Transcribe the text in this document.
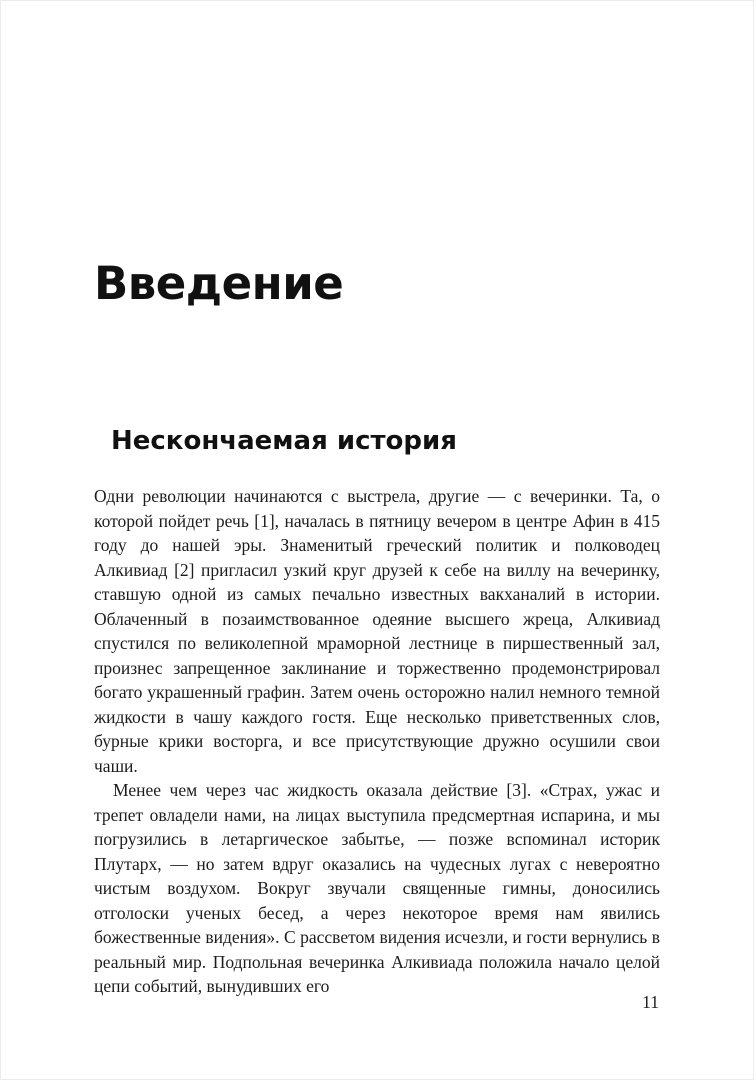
Введение
Нескончаемая история

Одни революции начинаются с выстрела, другие — с вечеринки. Та, о которой пойдет речь [1], началась в пятницу вечером в центре Афин в 415 году до нашей эры. Знаменитый греческий политик и полководец Алкивиад [2] пригласил узкий круг друзей к себе на виллу на вечеринку, ставшую одной из самых печально известных вакханалий в истории. Облаченный в позаимствованное одеяние высшего жреца, Алкивиад спустился по великолепной мраморной лестнице в пиршественный зал, произнес запрещенное заклинание и торжественно продемонстрировал богато украшенный графин. Затем очень осторожно налил немного темной жидкости в чашу каждого гостя. Еще несколько приветственных слов, бурные крики восторга, и все присутствующие дружно осушили свои чаши.

Менее чем через час жидкость оказала действие [3]. «Страх, ужас и трепет овладели нами, на лицах выступила предсмертная испарина, и мы погрузились в летаргическое забытье, — позже вспоминал историк Плутарх, — но затем вдруг оказались на чудесных лугах с невероятно чистым воздухом. Вокруг звучали священные гимны, доносились отголоски ученых бесед, а через некоторое время нам явились божественные видения». С рассветом видения исчезли, и гости вернулись в реальный мир. Подпольная вечеринка Алкивиада положила начало целой цепи событий, вынудивших его

11
